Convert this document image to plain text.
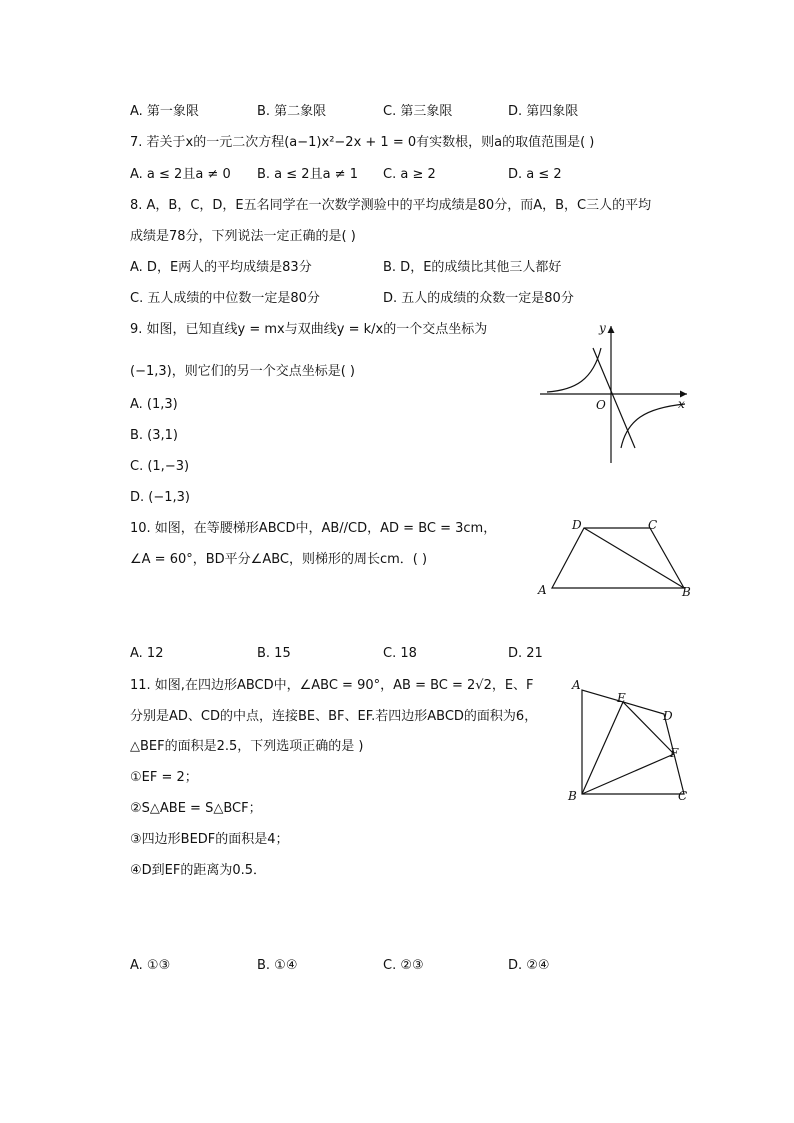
A. 第一象限	B. 第二象限	C. 第三象限	D. 第四象限
7. 若关于x的一元二次方程(a−1)x²−2x + 1 = 0有实数根，则a的取值范围是( )
A. a ≤ 2且a ≠ 0 B. a ≤ 2且a ≠ 1 C. a ≥ 2	D. a ≤ 2
8. A，B，C，D，E五名同学在一次数学测验中的平均成绩是80分，而A，B，C三人的平均
成绩是78分，下列说法一定正确的是( )
A. D，E两人的平均成绩是83分	B. D，E的成绩比其他三人都好
C. 五人成绩的中位数一定是80分	D. 五人的成绩的众数一定是80分
9. 如图，已知直线y = mx与双曲线y = k/x的一个交点坐标为
(−1,3)，则它们的另一个交点坐标是( )
A. (1,3)
B. (3,1)
C. (1,−3)
D. (−1,3)
y
x
O
10. 如图，在等腰梯形ABCD中，AB//CD，AD = BC = 3cm，
∠A = 60°，BD平分∠ABC，则梯形的周长cm．( )
D	C
A	B
A. 12	B. 15	C. 18	D. 21
11. 如图,在四边形ABCD中，∠ABC = 90°，AB = BC = 2√2，E、F
分别是AD、CD的中点，连接BE、BF、EF.若四边形ABCD的面积为6，
△BEF的面积是2.5，下列选项正确的是 )
①EF = 2；
②S△ABE = S△BCF；
③四边形BEDF的面积是4；
④D到EF的距离为0.5．
A
E
D
F
B	C
A. ①③	B. ①④	C. ②③	D. ②④
